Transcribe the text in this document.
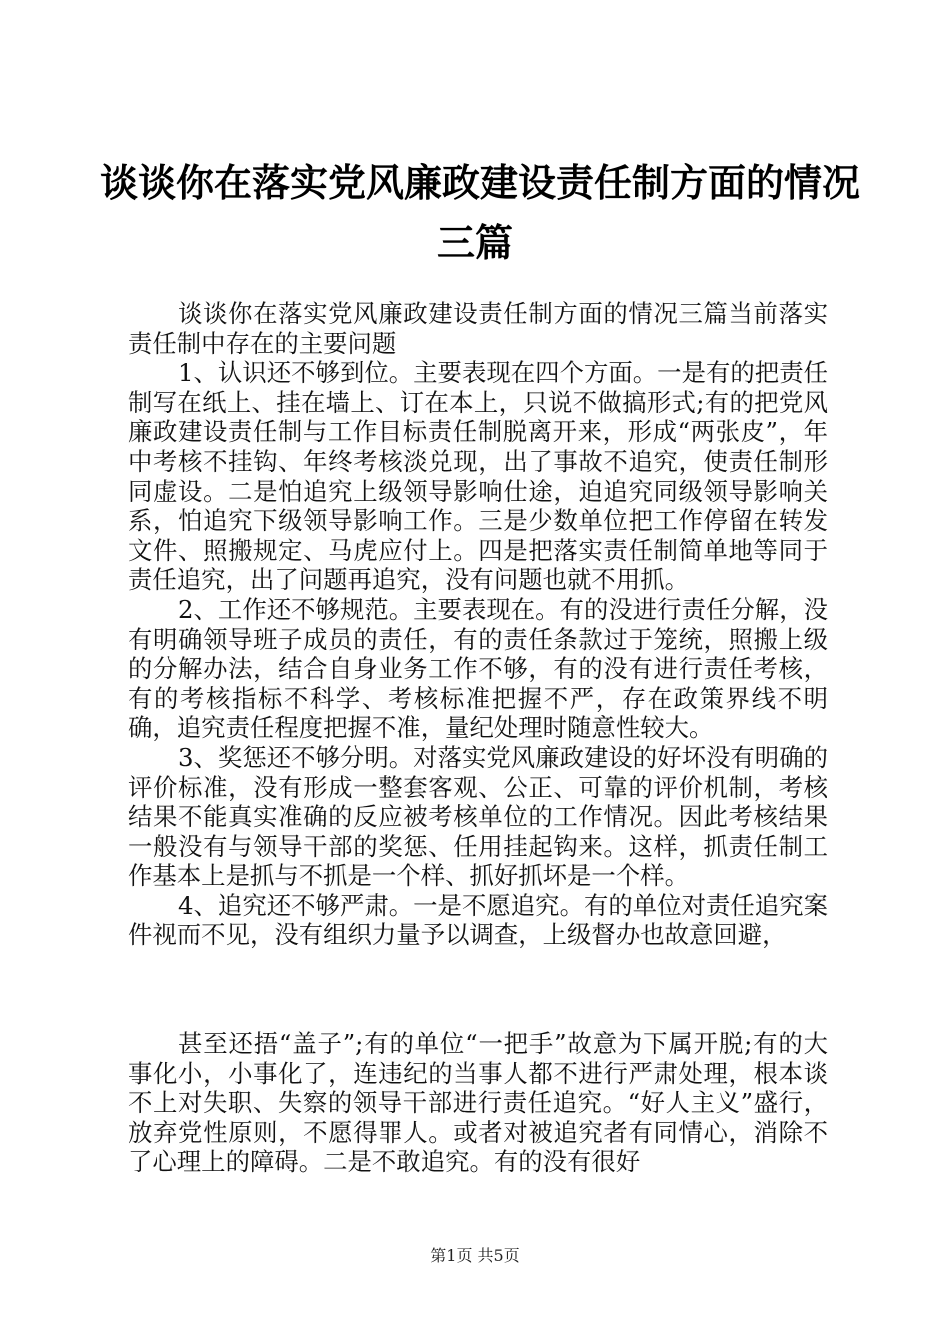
谈谈你在落实党风廉政建设责任制方面的情况
三篇

谈谈你在落实党风廉政建设责任制方面的情况三篇当前落实责任制中存在的主要问题

1、认识还不够到位。主要表现在四个方面。一是有的把责任制写在纸上、挂在墙上、订在本上，只说不做搞形式;有的把党风廉政建设责任制与工作目标责任制脱离开来，形成“两张皮”，年中考核不挂钩、年终考核淡兑现，出了事故不追究，使责任制形同虚设。二是怕追究上级领导影响仕途，迫追究同级领导影响关系，怕追究下级领导影响工作。三是少数单位把工作停留在转发文件、照搬规定、马虎应付上。四是把落实责任制简单地等同于责任追究，出了问题再追究，没有问题也就不用抓。

2、工作还不够规范。主要表现在。有的没进行责任分解，没有明确领导班子成员的责任，有的责任条款过于笼统，照搬上级的分解办法，结合自身业务工作不够，有的没有进行责任考核，有的考核指标不科学、考核标准把握不严，存在政策界线不明确，追究责任程度把握不准，量纪处理时随意性较大。

3、奖惩还不够分明。对落实党风廉政建设的好坏没有明确的评价标准，没有形成一整套客观、公正、可靠的评价机制，考核结果不能真实准确的反应被考核单位的工作情况。因此考核结果一般没有与领导干部的奖惩、任用挂起钩来。这样，抓责任制工作基本上是抓与不抓是一个样、抓好抓坏是一个样。

4、追究还不够严肃。一是不愿追究。有的单位对责任追究案件视而不见，没有组织力量予以调查，上级督办也故意回避，

甚至还捂“盖子”;有的单位“一把手”故意为下属开脱;有的大事化小，小事化了，连违纪的当事人都不进行严肃处理，根本谈不上对失职、失察的领导干部进行责任追究。“好人主义”盛行，放弃党性原则，不愿得罪人。或者对被追究者有同情心，消除不了心理上的障碍。二是不敢追究。有的没有很好

第1页 共5页
